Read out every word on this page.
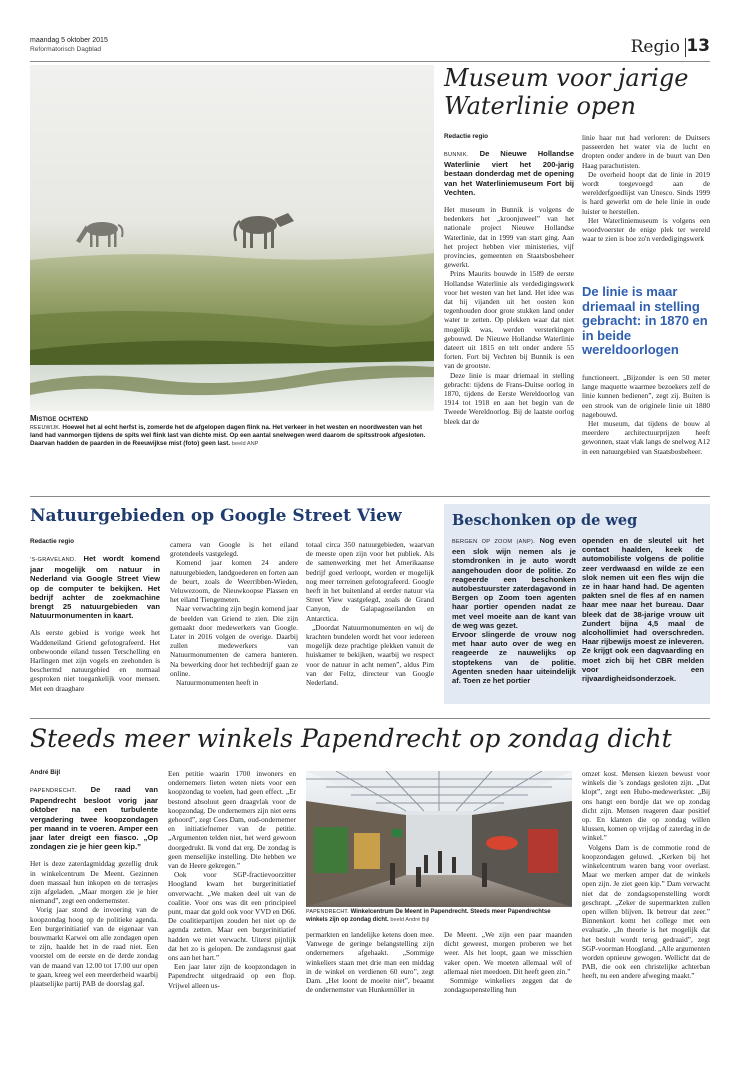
maandag 5 oktober 2015
Reformatorisch Dagblad	Regio 13
Mistige ochtend
REEUWIJK. Hoewel het al echt herfst is, zomerde het de afgelopen dagen flink na. Het verkeer in het westen en noordwesten van het land had vanmorgen tijdens de spits wel flink last van dichte mist. Op een aantal snelwegen werd daarom de spitsstrook afgesloten. Daarvan hadden de paarden in de Reeuwijkse mist (foto) geen last. beeld ANP
Museum voor jarige
Waterlinie open
Redactie regio

BUNNIK. De Nieuwe Hollandse Waterlinie viert het 200-jarig bestaan donderdag met de opening van het Waterliniemuseum Fort bij Vechten.

Het museum in Bunnik is volgens de bedenkers het „kroonjuweel” van het nationale project Nieuwe Hollandse Waterlinie, dat in 1999 van start ging. Aan het project hebben vier ministeries, vijf provincies, gemeenten en Staatsbosbeheer gewerkt.

Prins Maurits bouwde in 1589 de eerste Hollandse Waterlinie als verdedigingswerk voor het westen van het land. Het idee was dat hij vijanden uit het oosten kon tegenhouden door grote stukken land onder water te zetten. Op plekken waar dat niet mogelijk was, werden versterkingen gebouwd. De Nieuwe Hollandse Waterlinie dateert uit 1815 en telt onder andere 55 forten. Fort bij Vechten bij Bunnik is een van de grootste.

Deze linie is maar driemaal in stelling gebracht: tijdens de Frans-Duitse oorlog in 1870, tijdens de Eerste Wereldoorlog van 1914 tot 1918 en aan het begin van de Tweede Wereldoorlog. Bij de laatste oorlog bleek dat de

linie haar nut had verloren: de Duitsers passeerden het water via de lucht en dropten onder andere in de buurt van Den Haag parachutisten.

De overheid hoopt dat de linie in 2019 wordt toegevoegd aan de werelderfgoedlijst van Unesco. Sinds 1999 is hard gewerkt om de hele linie in oude luister te herstellen.

Het Waterliniemuseum is volgens een woordvoerster de enige plek ter wereld waar te zien is hoe zo'n verdedigingswerk

De linie is maar driemaal in stelling gebracht: in 1870 en in beide wereldoorlogen

functioneert. „Bijzonder is een 50 meter lange maquette waarmee bezoekers zelf de linie kunnen bedienen”, zegt zij. Buiten is een strook van de originele linie uit 1880 nagebouwd.

Het museum, dat tijdens de bouw al meerdere architectuurprijzen heeft gewonnen, staat vlak langs de snelweg A12 in een natuurgebied van Staatsbosbeheer.

Natuurgebieden op Google Street View
Redactie regio

'S-GRAVELAND. Het wordt komend jaar mogelijk om natuur in Nederland via Google Street View op de computer te bekijken. Het bedrijf achter de zoekmachine brengt 25 natuurgebieden van Natuurmonumenten in kaart.

Als eerste gebied is vorige week het Waddeneiland Griend gefotografeerd. Het onbewoonde eiland tussen Terschelling en Harlingen met zijn vogels en zeehonden is beschermd natuurgebied en normaal gesproken niet toegankelijk voor mensen. Met een draagbare

camera van Google is het eiland grotendeels vastgelegd.

Komend jaar komen 24 andere natuurgebieden, landgoederen en forten aan de beurt, zoals de Weerribben-Wieden, Veluwezoom, de Nieuwkoopse Plassen en het eiland Tiengemeten.

Naar verwachting zijn begin komend jaar de beelden van Griend te zien. Die zijn gemaakt door medewerkers van Google. Later in 2016 volgen de overige. Daarbij zullen medewerkers van Natuurmonumenten de camera hanteren. Na bewerking door het techbedrijf gaan ze online.

Natuurmonumenten heeft in

totaal circa 350 natuurgebieden, waarvan de meeste open zijn voor het publiek. Als de samenwerking met het Amerikaanse bedrijf goed verloopt, worden er mogelijk nog meer terreinen gefotografeerd. Google heeft in het buitenland al eerder natuur via Street View vastgelegd, zoals de Grand Canyon, de Galapagoseilanden en Antarctica.

„Doordat Natuurmonumenten en wij de krachten bundelen wordt het voor iedereen mogelijk deze prachtige plekken vanuit de huiskamer te bekijken, waarbij we respect voor de natuur in acht nemen”, aldus Pim van der Feltz, directeur van Google Nederland.

Beschonken op de weg

BERGEN OP ZOOM (ANP). Nog even een slok wijn nemen als je stomdronken in je auto wordt aangehouden door de politie. Zo reageerde een beschonken autobestuurster zaterdagavond in Bergen op Zoom toen agenten haar portier openden nadat ze met veel moeite aan de kant van de weg was gezet.

Ervoor slingerde de vrouw nog met haar auto over de weg en reageerde ze nauwelijks op stoptekens van de politie. Agenten sneden haar uiteindelijk af. Toen ze het portier

openden en de sleutel uit het contact haalden, keek de automobiliste volgens de politie zeer verdwaasd en wilde ze een slok nemen uit een fles wijn die ze in haar hand had. De agenten pakten snel de fles af en namen haar mee naar het bureau. Daar bleek dat de 38-jarige vrouw uit Zundert bijna 4,5 maal de alcohollimiet had overschreden. Haar rijbewijs moest ze inleveren. Ze krijgt ook een dagvaarding en moet zich bij het CBR melden voor een rijvaardigheidsonderzoek.
Steeds meer winkels Papendrecht op zondag dicht
André Bijl

PAPENDRECHT. De raad van Papendrecht besloot vorig jaar oktober na een turbulente vergadering twee koopzondagen per maand in te voeren. Amper een jaar later dreigt een fiasco. „Op zondagen zie je hier geen kip.”

Het is deze zaterdagmiddag gezellig druk in winkelcentrum De Meent. Gezinnen doen massaal hun inkopen en de terrasjes zijn afgeladen. „Maar morgen zie je hier niemand”, zegt een ondernemster.

Vorig jaar stond de invoering van de koopzondag hoog op de politieke agenda. Een burgerinitiatief van de eigenaar van bouwmarkt Karwei om alle zondagen open te zijn, haalde het in de raad niet. Een voorstel om de eerste en de derde zondag van de maand van 12.00 tot 17.00 uur open te gaan, kreeg wel een meerderheid waarbij plaatselijke partij PAB de doorslag gaf.

Een petitie waarin 1700 inwoners en ondernemers lieten weten niets voor een koopzondag te voelen, had geen effect. „Er bestond absoluut geen draagvlak voor de koopzondag. De ondernemers zijn niet eens gehoord”, zegt Cees Dam, oud-ondernemer en initiatiefnemer van de petitie. „Argumenten telden niet, het werd gewoon doorgedrukt. Ik vond dat erg. De zondag is geen menselijke instelling. Die hebben we van de Heere gekregen.”

Ook voor SGP-fractievoorzitter Hoogland kwam het burgerinitiatief onverwacht. „We maken deel uit van de coalitie. Voor ons was dit een principieel punt, maar dat gold ook voor VVD en D66. De coalitiepartijen zouden het niet op de agenda zetten. Maar een burgerinitiatief hadden we niet verwacht. Uiterst pijnlijk dat het zo is gelopen. De zondagsrust gaat ons aan het hart.”

Een jaar later zijn de koopzondagen in Papendrecht uitgedraaid op een flop. Vrijwel alleen us-

PAPENDRECHT. Winkelcentrum De Meent in Papendrecht. Steeds meer Papendrechtse winkels zijn op zondag dicht. beeld André Bijl

permarkten en landelijke ketens doen mee. Vanwege de geringe belangstelling zijn ondernemers afgehaakt. „Sommige winkeliers staan met drie man een middag in de winkel en verdienen 60 euro”, zegt Dam. „Het loont de moeite niet”, beaamt de ondernemster van Hunkemöller in

De Meent. „We zijn een paar maanden dicht geweest, morgen proberen we het weer. Als het loopt, gaan we misschien vaker open. We moeten allemaal wél of allemaal niet meedoen. Dit heeft geen zin.”

Sommige winkeliers zeggen dat de zondagsopenstelling hun

omzet kost. Mensen kiezen bewust voor winkels die 's zondags gesloten zijn. „Dat klopt”, zegt een Hubo-medewerkster. „Bij ons hangt een bordje dat we op zondag dicht zijn. Mensen reageren daar positief op. En klanten die op zondag willen klussen, komen op vrijdag of zaterdag in de winkel.”

Volgens Dam is de commotie rond de koopzondagen geluwd. „Kerken bij het winkelcentrum waren bang voor overlast. Maar we merken amper dat de winkels open zijn. Je ziet geen kip.” Dam verwacht niet dat de zondagsopenstelling wordt geschrapt. „Zeker de supermarkten zullen open willen blijven. Ik betreur dat zeer.” Binnenkort komt het college met een evaluatie. „In theorie is het mogelijk dat het besluit wordt terug gedraaid”, zegt SGP-voorman Hoogland. „Alle argumenten worden opnieuw gewogen. Wellicht dat de PAB, die ook een christelijke achterban heeft, nu een andere afweging maakt.”
